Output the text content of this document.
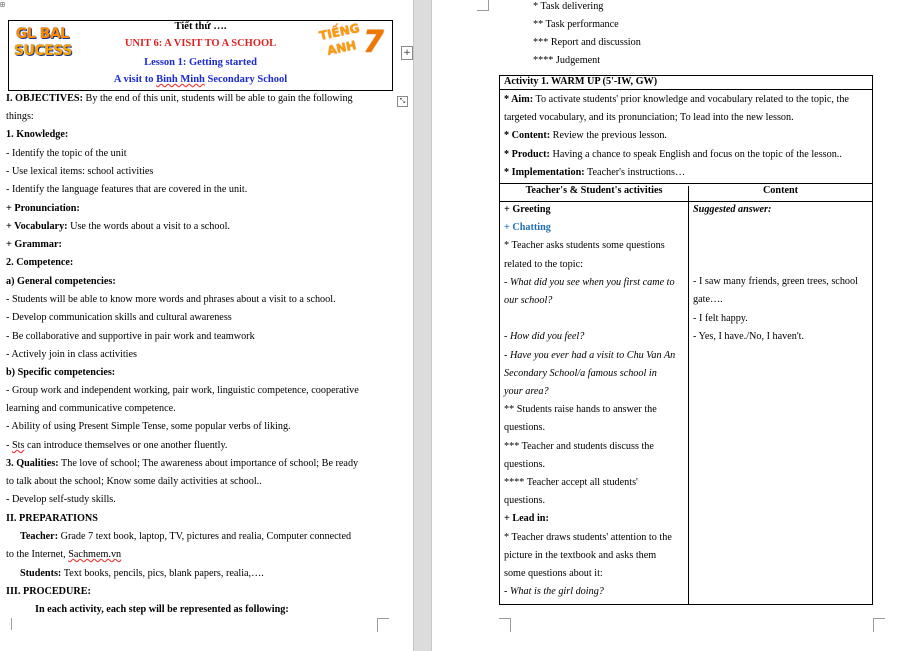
⊞
GL BAL
SUCESS
TIẾNG
ANH 7
Tiết thứ ….
UNIT 6: A VISIT TO A SCHOOL
Lesson 1: Getting started
A visit to Binh Minh Secondary School
+
⤡
I. OBJECTIVES: By the end of this unit, students will be able to gain the following
things:
1. Knowledge:
- Identify the topic of the unit
- Use lexical items: school activities
- Identify the language features that are covered in the unit.
+ Pronunciation:
+ Vocabulary: Use the words about a visit to a school.
+ Grammar:
2. Competence:
a) General competencies:
- Students will be able to know more words and phrases about a visit to a school.
- Develop communication skills and cultural awareness
- Be collaborative and supportive in pair work and teamwork
- Actively join in class activities
b) Specific competencies:
- Group work and independent working, pair work, linguistic competence, cooperative
learning and communicative competence.
- Ability of using Present Simple Tense, some popular verbs of liking.
- Sts can introduce themselves or one another fluently.
3. Qualities: The love of school; The awareness about importance of school; Be ready
to talk about the school; Know some daily activities at school..
- Develop self-study skills.
II. PREPARATIONS
Teacher: Grade 7 text book, laptop, TV, pictures and realia, Computer connected
to the Internet, Sachmem.vn
Students: Text books, pencils, pics, blank papers, realia,….
III. PROCEDURE:
In each activity, each step will be represented as following:
* Task delivering
** Task performance
*** Report and discussion
**** Judgement
Activity 1. WARM UP (5'-IW, GW)
* Aim: To activate students' prior knowledge and vocabulary related to the topic, the
targeted vocabulary, and its pronunciation; To lead into the new lesson.
* Content: Review the previous lesson.
* Product: Having a chance to speak English and focus on the topic of the lesson..
* Implementation: Teacher's instructions…
Teacher's & Student's activities	Content
+ Greeting
+ Chatting
* Teacher asks students some questions
related to the topic:
- What did you see when you first came to
our school?
- How did you feel?
- Have you ever had a visit to Chu Van An
Secondary School/a famous school in
your area?
** Students raise hands to answer the
questions.
*** Teacher and students discuss the
questions.
**** Teacher accept all students'
questions.
+ Lead in:
* Teacher draws students' attention to the
picture in the textbook and asks them
some questions about it:
- What is the girl doing?
Suggested answer:
- I saw many friends, green trees, school
gate….
- I felt happy.
- Yes, I have./No, I haven't.
